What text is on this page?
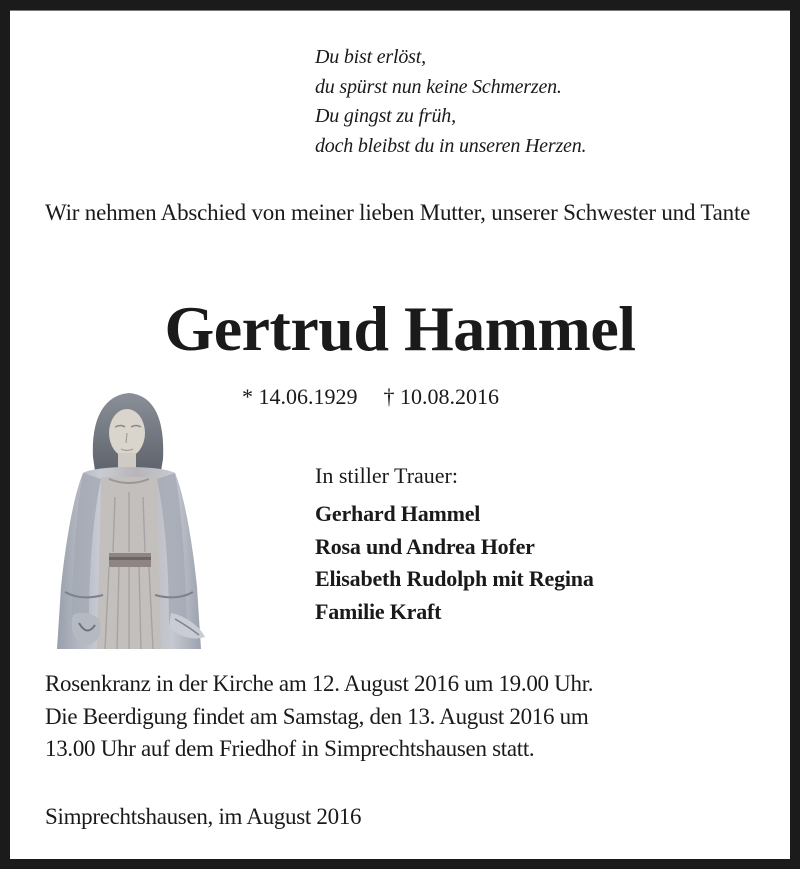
Du bist erlöst,
du spürst nun keine Schmerzen.
Du gingst zu früh,
doch bleibst du in unseren Herzen.
Wir nehmen Abschied von meiner lieben Mutter, unserer Schwester und Tante
Gertrud Hammel
* 14.06.1929 † 10.08.2016
In stiller Trauer:
Gerhard Hammel
Rosa und Andrea Hofer
Elisabeth Rudolph mit Regina
Familie Kraft
Rosenkranz in der Kirche am 12. August 2016 um 19.00 Uhr.
Die Beerdigung findet am Samstag, den 13. August 2016 um
13.00 Uhr auf dem Friedhof in Simprechtshausen statt.
Simprechtshausen, im August 2016
